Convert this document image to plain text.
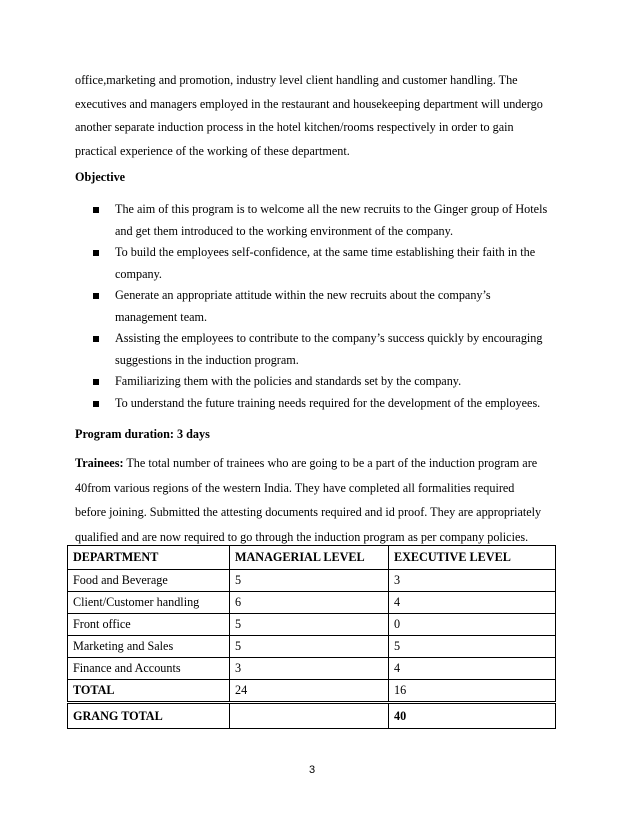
office,marketing and promotion, industry level client handling and customer handling. The

executives and managers employed in the restaurant and housekeeping department will undergo

another separate induction process in the hotel kitchen/rooms respectively in order to gain

practical experience of the working of these department.

Objective

The aim of this program is to welcome all the new recruits to the Ginger group of Hotels
and get them introduced to the working environment of the company.
To build the employees self-confidence, at the same time establishing their faith in the
company.
Generate an appropriate attitude within the new recruits about the company’s
management team.
Assisting the employees to contribute to the company’s success quickly by encouraging
suggestions in the induction program.
Familiarizing them with the policies and standards set by the company.
To understand the future training needs required for the development of the employees.

Program duration: 3 days

Trainees: The total number of trainees who are going to be a part of the induction program are
40from various regions of the western India. They have completed all formalities required
before joining. Submitted the attesting documents required and id proof. They are appropriately
qualified and are now required to go through the induction program as per company policies.

DEPARTMENT	MANAGERIAL LEVEL	EXECUTIVE LEVEL
Food and Beverage	5	3
Client/Customer handling	6	4
Front office	5	0
Marketing and Sales	5	5
Finance and Accounts	3	4
TOTAL	24	16
GRANG TOTAL		40
3
